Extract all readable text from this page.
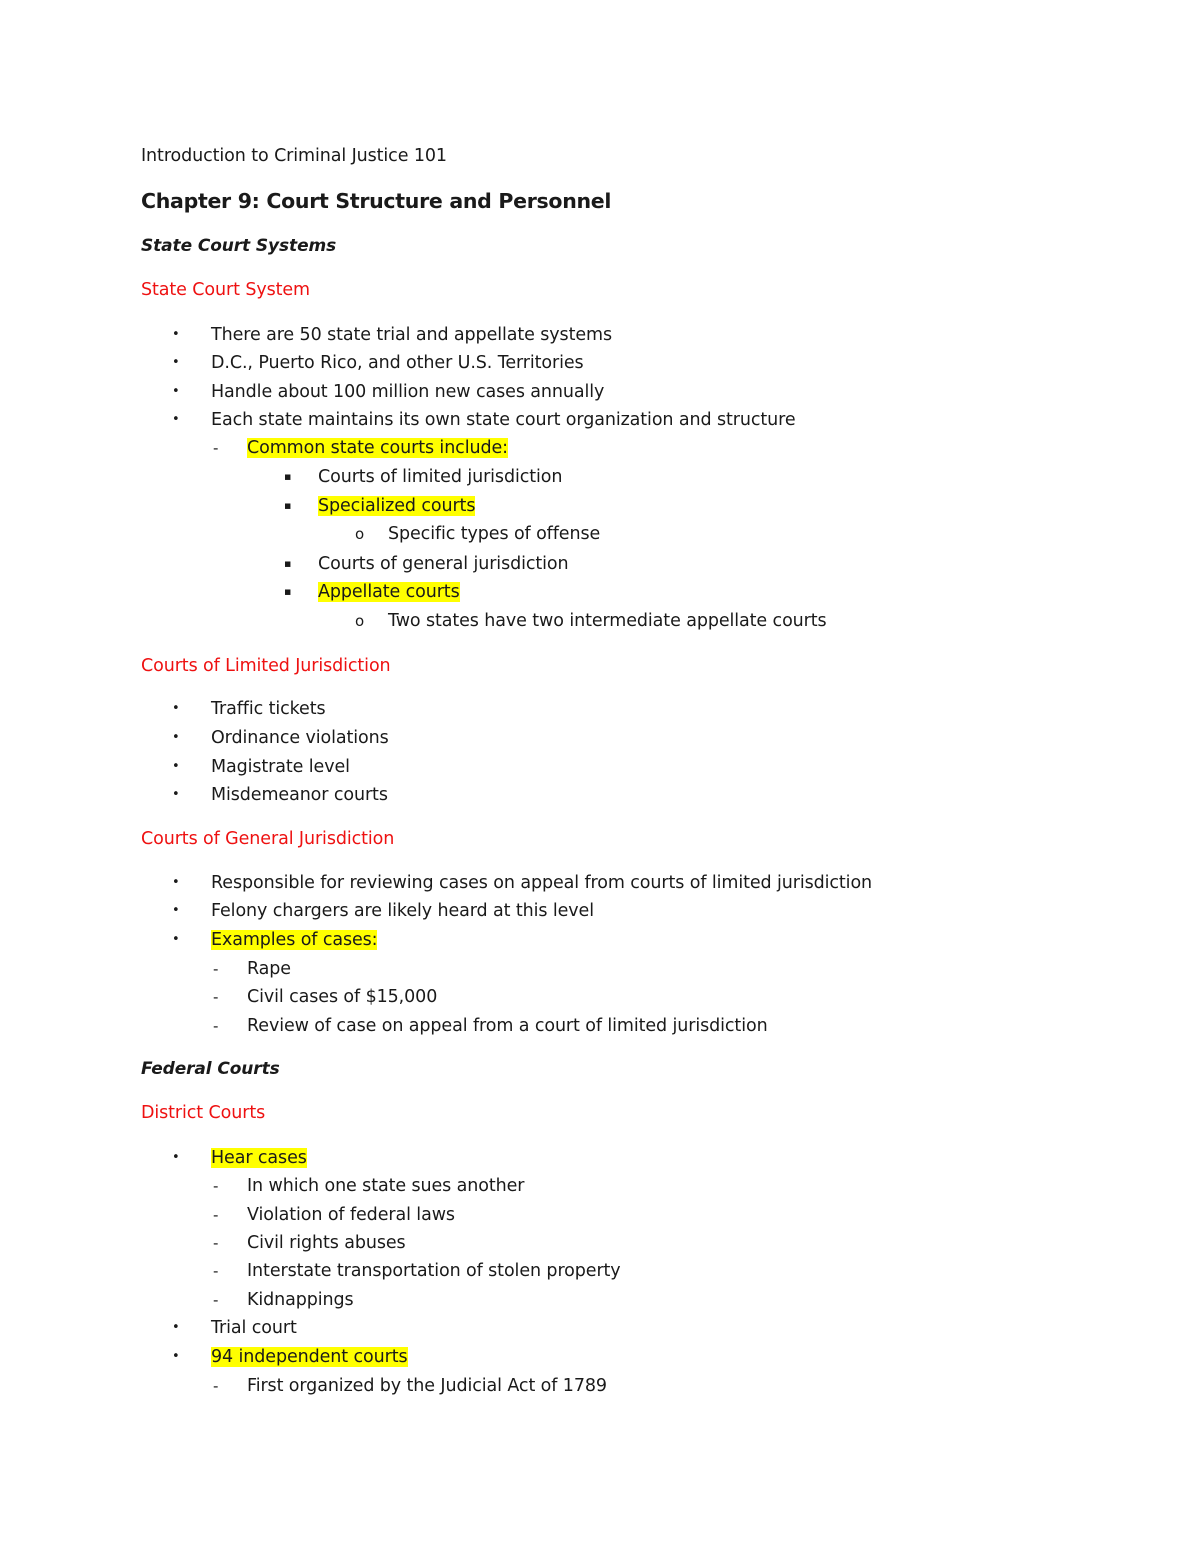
Introduction to Criminal Justice 101
Chapter 9: Court Structure and Personnel
State Court Systems
State Court System
• There are 50 state trial and appellate systems
• D.C., Puerto Rico, and other U.S. Territories
• Handle about 100 million new cases annually
• Each state maintains its own state court organization and structure
- Common state courts include:
▪ Courts of limited jurisdiction
▪ Specialized courts
o Specific types of offense
▪ Courts of general jurisdiction
▪ Appellate courts
o Two states have two intermediate appellate courts
Courts of Limited Jurisdiction
• Traffic tickets
• Ordinance violations
• Magistrate level
• Misdemeanor courts
Courts of General Jurisdiction
• Responsible for reviewing cases on appeal from courts of limited jurisdiction
• Felony chargers are likely heard at this level
• Examples of cases:
- Rape
- Civil cases of $15,000
- Review of case on appeal from a court of limited jurisdiction
Federal Courts
District Courts
• Hear cases
- In which one state sues another
- Violation of federal laws
- Civil rights abuses
- Interstate transportation of stolen property
- Kidnappings
• Trial court
• 94 independent courts
- First organized by the Judicial Act of 1789
